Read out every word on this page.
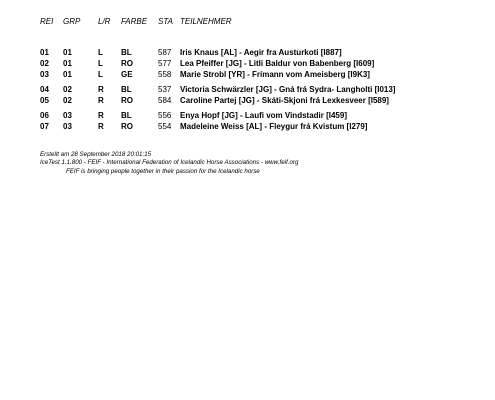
REI GRP L/R FARBE STA TEILNEHMER
01 01	L BL	587 Iris Knaus [AL] - Aegir fra Austurkoti [I887]
02 01	L RO	577 Lea Pfeiffer [JG] - Litli Baldur von Babenberg [I609]
03 01	L GE	558 Marie Strobl [YR] - Frímann vom Ameisberg [I9K3]
04 02	R BL	537 Victoria Schwärzler [JG] - Gná frá Sydra- Langholti [I013]
05 02	R RO	584 Caroline Partej [JG] - Skáti-Skjoni frá Lexkesveer [I589]
06 03	R BL	556 Enya Hopf [JG] - Laufi vom Vindstadir [I459]
07 03	R RO	554 Madeleine Weiss [AL] - Fleygur frá Kvistum [I279]
Erstellt am 28 September 2018 20:01:15
IceTest 1.1.800 - FEIF - International Federation of Icelandic Horse Associations - www.feif.org
FEIF is bringing people together in their passion for the Icelandic horse
